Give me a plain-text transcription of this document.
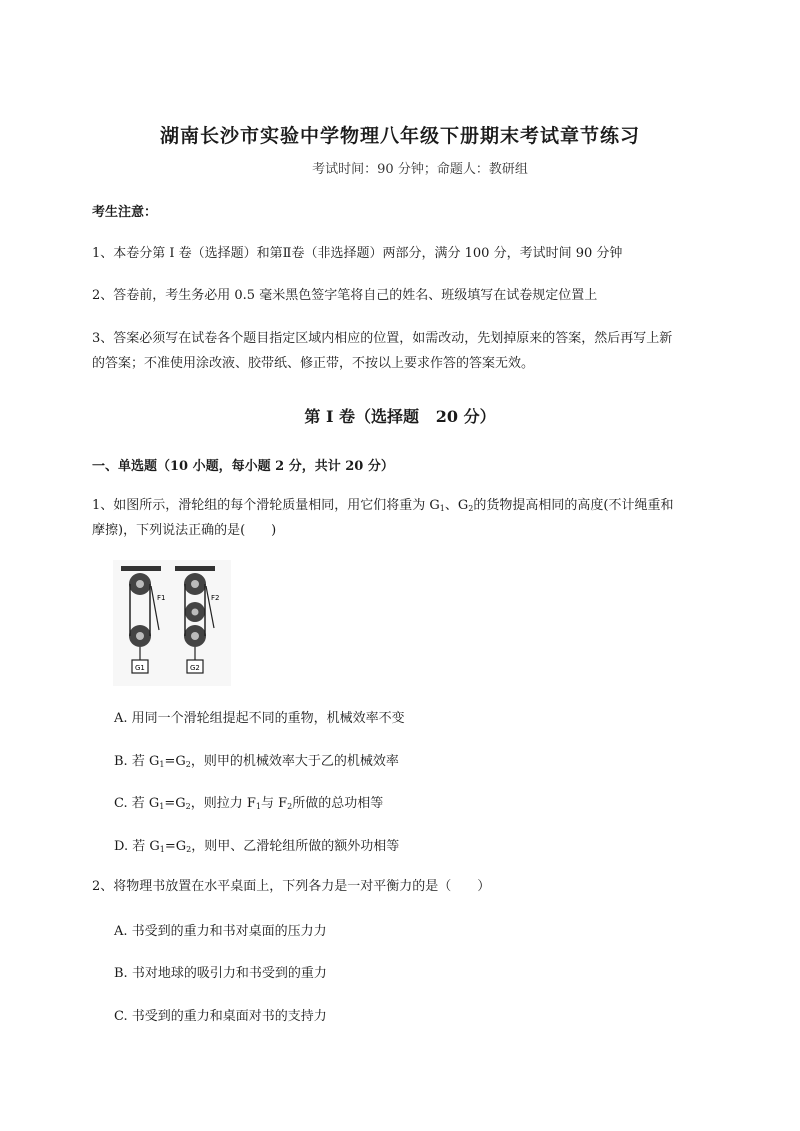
湖南长沙市实验中学物理八年级下册期末考试章节练习
考试时间：90 分钟；命题人：教研组
考生注意：
1、本卷分第 I 卷（选择题）和第Ⅱ卷（非选择题）两部分，满分 100 分，考试时间 90 分钟
2、答卷前，考生务必用 0.5 毫米黑色签字笔将自己的姓名、班级填写在试卷规定位置上
3、答案必须写在试卷各个题目指定区域内相应的位置，如需改动，先划掉原来的答案，然后再写上新
的答案；不准使用涂改液、胶带纸、修正带，不按以上要求作答的答案无效。
第 I 卷（选择题   20 分）
一、单选题（10 小题，每小题 2 分，共计 20 分）
1、如图所示，滑轮组的每个滑轮质量相同，用它们将重为 $G_1$、$G_2$的货物提高相同的高度(不计绳重和
摩擦)，下列说法正确的是(　　)
G1
F1
G2
F2
A. 用同一个滑轮组提起不同的重物，机械效率不变
B. 若 $G_1=G_2$，则甲的机械效率大于乙的机械效率
C. 若 $G_1=G_2$，则拉力 $F_1$与 $F_2$所做的总功相等
D. 若 $G_1=G_2$，则甲、乙滑轮组所做的额外功相等
2、将物理书放置在水平桌面上，下列各力是一对平衡力的是（　　）
A. 书受到的重力和书对桌面的压力力
B. 书对地球的吸引力和书受到的重力
C. 书受到的重力和桌面对书的支持力
